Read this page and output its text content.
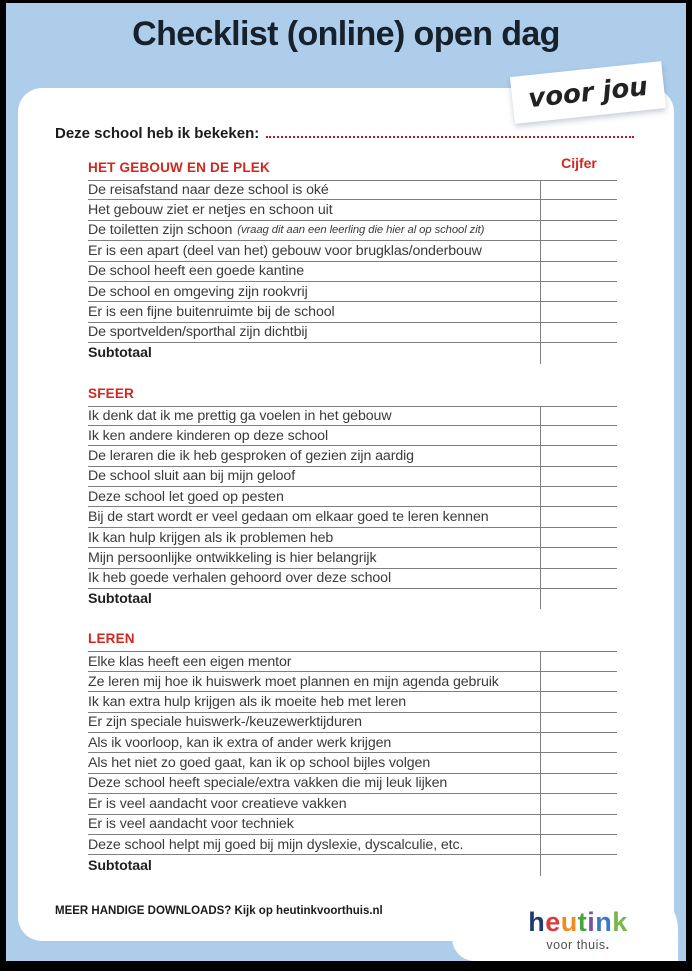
Checklist (online) open dag
Deze school heb ik bekeken:
HET GEBOUW EN DE PLEK	Cijfer
De reisafstand naar deze school is oké
Het gebouw ziet er netjes en schoon uit
De toiletten zijn schoon (vraag dit aan een leerling die hier al op school zit)
Er is een apart (deel van het) gebouw voor brugklas/onderbouw
De school heeft een goede kantine
De school en omgeving zijn rookvrij
Er is een fijne buitenruimte bij de school
De sportvelden/sporthal zijn dichtbij
Subtotaal
SFEER
Ik denk dat ik me prettig ga voelen in het gebouw
Ik ken andere kinderen op deze school
De leraren die ik heb gesproken of gezien zijn aardig
De school sluit aan bij mijn geloof
Deze school let goed op pesten
Bij de start wordt er veel gedaan om elkaar goed te leren kennen
Ik kan hulp krijgen als ik problemen heb
Mijn persoonlijke ontwikkeling is hier belangrijk
Ik heb goede verhalen gehoord over deze school
Subtotaal
LEREN
Elke klas heeft een eigen mentor
Ze leren mij hoe ik huiswerk moet plannen en mijn agenda gebruik
Ik kan extra hulp krijgen als ik moeite heb met leren
Er zijn speciale huiswerk-/keuzewerktijduren
Als ik voorloop, kan ik extra of ander werk krijgen
Als het niet zo goed gaat, kan ik op school bijles volgen
Deze school heeft speciale/extra vakken die mij leuk lijken
Er is veel aandacht voor creatieve vakken
Er is veel aandacht voor techniek
Deze school helpt mij goed bij mijn dyslexie, dyscalculie, etc.
Subtotaal
MEER HANDIGE DOWNLOADS? Kijk op heutinkvoorthuis.nl
voor jou
heutink
voor thuis.
